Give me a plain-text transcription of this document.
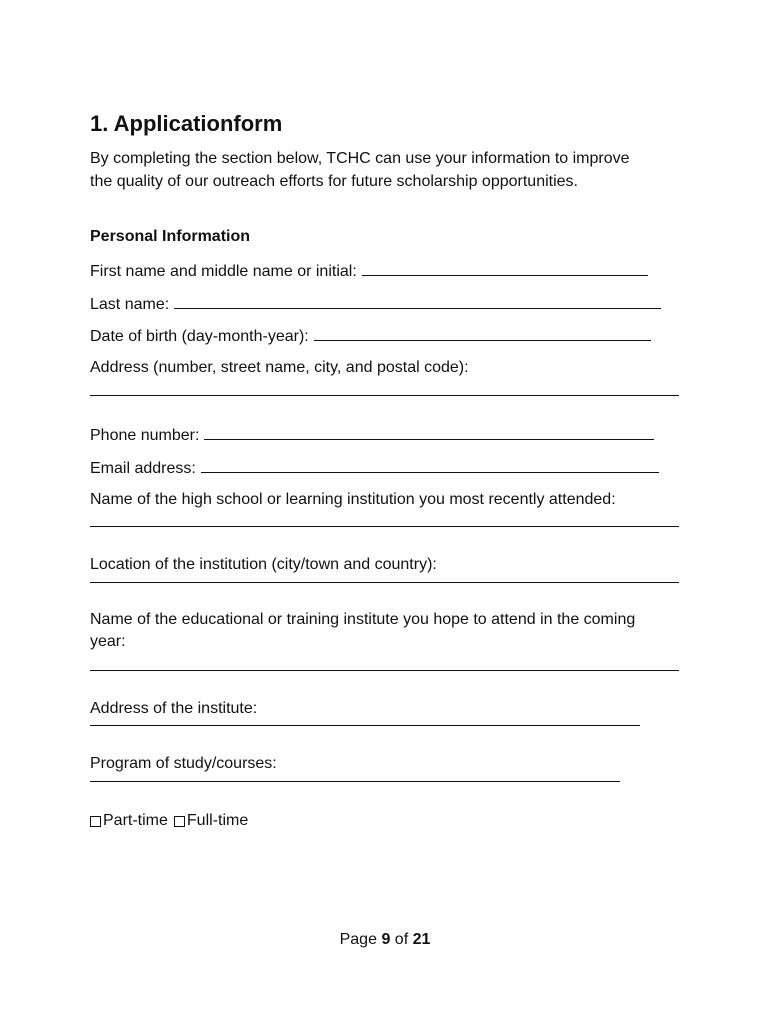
1. Applicationform

By completing the section below, TCHC can use your information to improve the quality of our outreach efforts for future scholarship opportunities.

Personal Information
First name and middle name or initial:
Last name:
Date of birth (day-month-year):
Address (number, street name, city, and postal code):
Phone number:
Email address:
Name of the high school or learning institution you most recently attended:
Location of the institution (city/town and country):
Name of the educational or training institute you hope to attend in the coming year:
Address of the institute:
Program of study/courses:
Part-time Full-time
Page 9 of 21
